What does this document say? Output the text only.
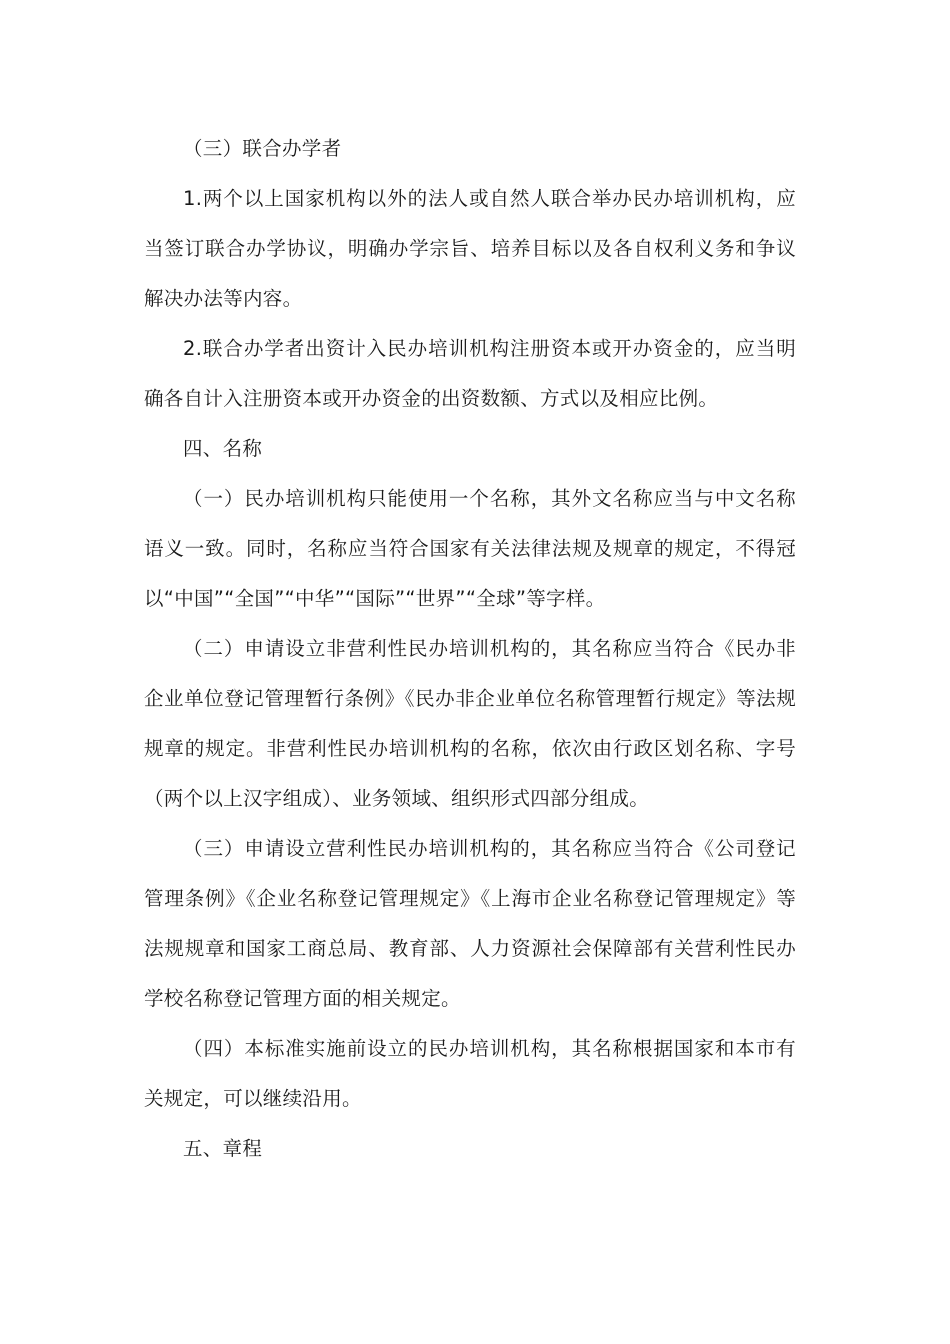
（三）联合办学者

1.两个以上国家机构以外的法人或自然人联合举办民办培训机构，应当签订联合办学协议，明确办学宗旨、培养目标以及各自权利义务和争议解决办法等内容。

2.联合办学者出资计入民办培训机构注册资本或开办资金的，应当明确各自计入注册资本或开办资金的出资数额、方式以及相应比例。

四、名称

（一）民办培训机构只能使用一个名称，其外文名称应当与中文名称语义一致。同时，名称应当符合国家有关法律法规及规章的规定，不得冠以“中国”“全国”“中华”“国际”“世界”“全球”等字样。

（二）申请设立非营利性民办培训机构的，其名称应当符合《民办非企业单位登记管理暂行条例》《民办非企业单位名称管理暂行规定》等法规规章的规定。非营利性民办培训机构的名称，依次由行政区划名称、字号（两个以上汉字组成）、业务领域、组织形式四部分组成。

（三）申请设立营利性民办培训机构的，其名称应当符合《公司登记管理条例》《企业名称登记管理规定》《上海市企业名称登记管理规定》等法规规章和国家工商总局、教育部、人力资源社会保障部有关营利性民办学校名称登记管理方面的相关规定。

（四）本标准实施前设立的民办培训机构，其名称根据国家和本市有关规定，可以继续沿用。

五、章程
